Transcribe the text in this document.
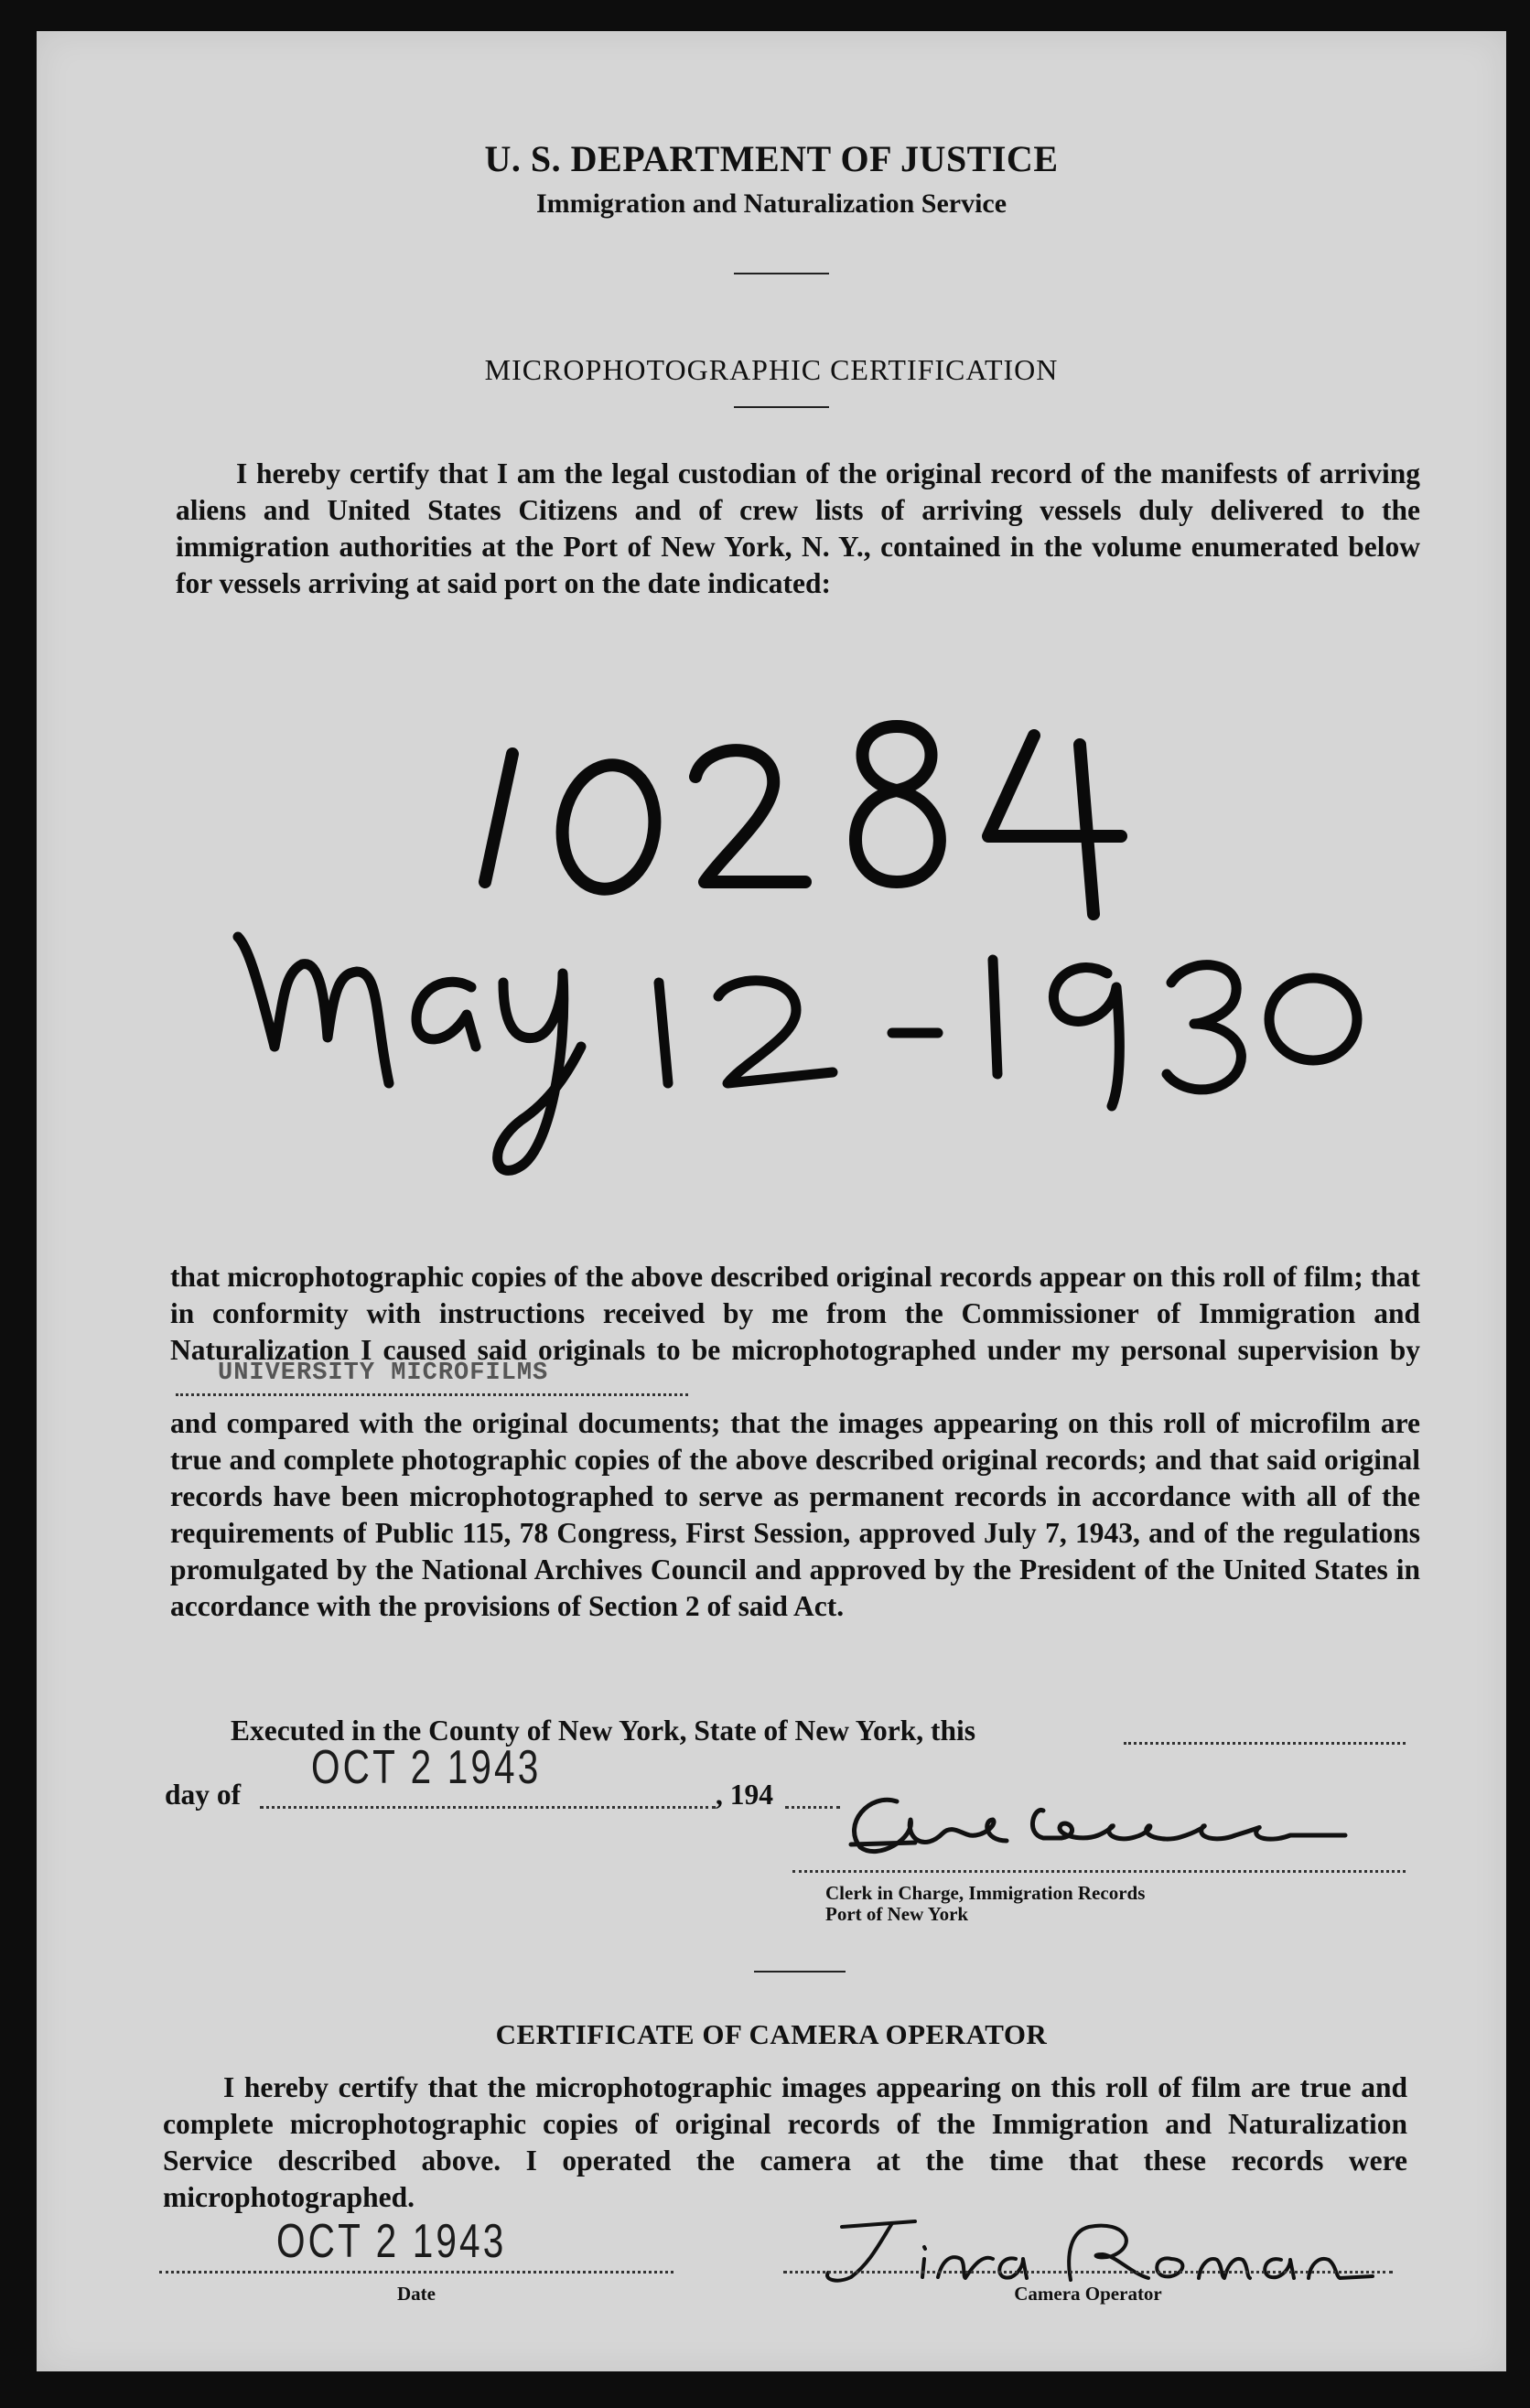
U. S. DEPARTMENT OF JUSTICE
Immigration and Naturalization Service
MICROPHOTOGRAPHIC CERTIFICATION

I hereby certify that I am the legal custodian of the original record of the manifests of arriving aliens and United States Citizens and of crew lists of arriving vessels duly delivered to the immigration authorities at the Port of New York, N. Y., contained in the volume enumerated below for vessels arriving at said port on the date indicated:

that microphotographic copies of the above described original records appear on this roll of film; that in conformity with instructions received by me from the Commissioner of Immigration and Naturalization I caused said originals to be microphotographed under my personal supervision by
UNIVERSITY MICROFILMS

and compared with the original documents; that the images appearing on this roll of microfilm are true and complete photographic copies of the above described original records; and that said original records have been microphotographed to serve as permanent records in accordance with all of the requirements of Public 115, 78 Congress, First Session, approved July 7, 1943, and of the regulations promulgated by the National Archives Council and approved by the President of the United States in accordance with the provisions of Section 2 of said Act.

Executed in the County of New York, State of New York, this
day of
OCT 2 1943
, 194
Clerk in Charge, Immigration Records
Port of New York
CERTIFICATE OF CAMERA OPERATOR

I hereby certify that the microphotographic images appearing on this roll of film are true and complete microphotographic copies of original records of the Immigration and Naturalization Service described above. I operated the camera at the time that these records were microphotographed.

OCT 2 1943
Date	Camera Operator
